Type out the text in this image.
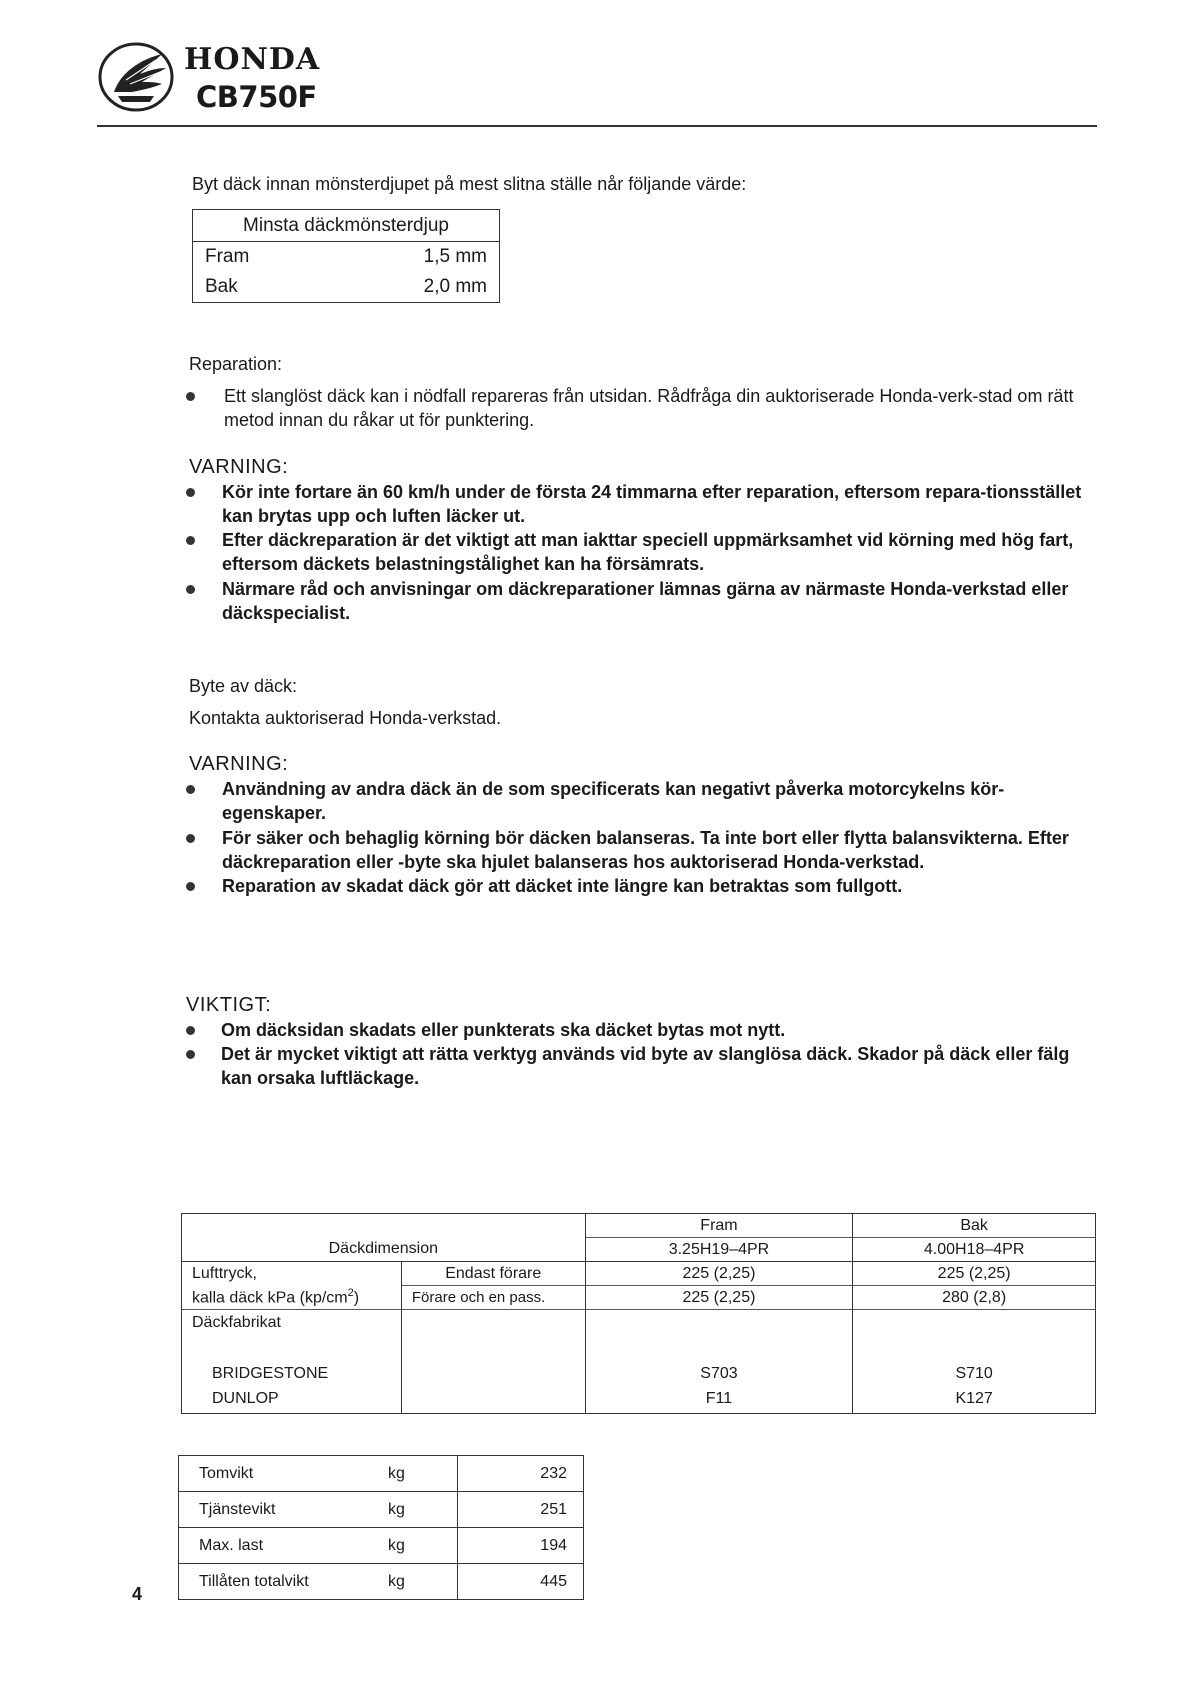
HONDA
CB750F
Byt däck innan mönsterdjupet på mest slitna ställe når följande värde:
Minsta däckmönsterdjup	
Fram	1,5 mm
Bak	2,0 mm
Reparation:
Ett slanglöst däck kan i nödfall repareras från utsidan. Rådfråga din auktoriserade Honda-verk-stad om rätt metod innan du råkar ut för punktering.
VARNING:
Kör inte fortare än 60 km/h under de första 24 timmarna efter reparation, eftersom repara-tionsstället kan brytas upp och luften läcker ut.
Efter däckreparation är det viktigt att man iakttar speciell uppmärksamhet vid körning med hög fart, eftersom däckets belastningstålighet kan ha försämrats.
Närmare råd och anvisningar om däckreparationer lämnas gärna av närmaste Honda-verkstad eller däckspecialist.
Byte av däck:
Kontakta auktoriserad Honda-verkstad.
VARNING:
Användning av andra däck än de som specificerats kan negativt påverka motorcykelns kör-egenskaper.
För säker och behaglig körning bör däcken balanseras. Ta inte bort eller flytta balansvikterna. Efter däckreparation eller -byte ska hjulet balanseras hos auktoriserad Honda-verkstad.
Reparation av skadat däck gör att däcket inte längre kan betraktas som fullgott.
VIKTIGT:
Om däcksidan skadats eller punkterats ska däcket bytas mot nytt.
Det är mycket viktigt att rätta verktyg används vid byte av slanglösa däck. Skador på däck eller fälg kan orsaka luftläckage.
		Fram	Bak
Däckdimension		3.25H19–4PR	4.00H18–4PR
Lufttryck,	Endast förare	225 (2,25)	225 (2,25)
kalla däck kPa $(kp/cm^2)$	Förare och en pass.	225 (2,25)	280 (2,8)
Däckfabrikat			

BRIDGESTONE		S703	S710
DUNLOP		F11	K127
Tomvikt	kg	232
Tjänstevikt	kg	251
Max. last	kg	194
Tillåten totalvikt	kg	445
4
